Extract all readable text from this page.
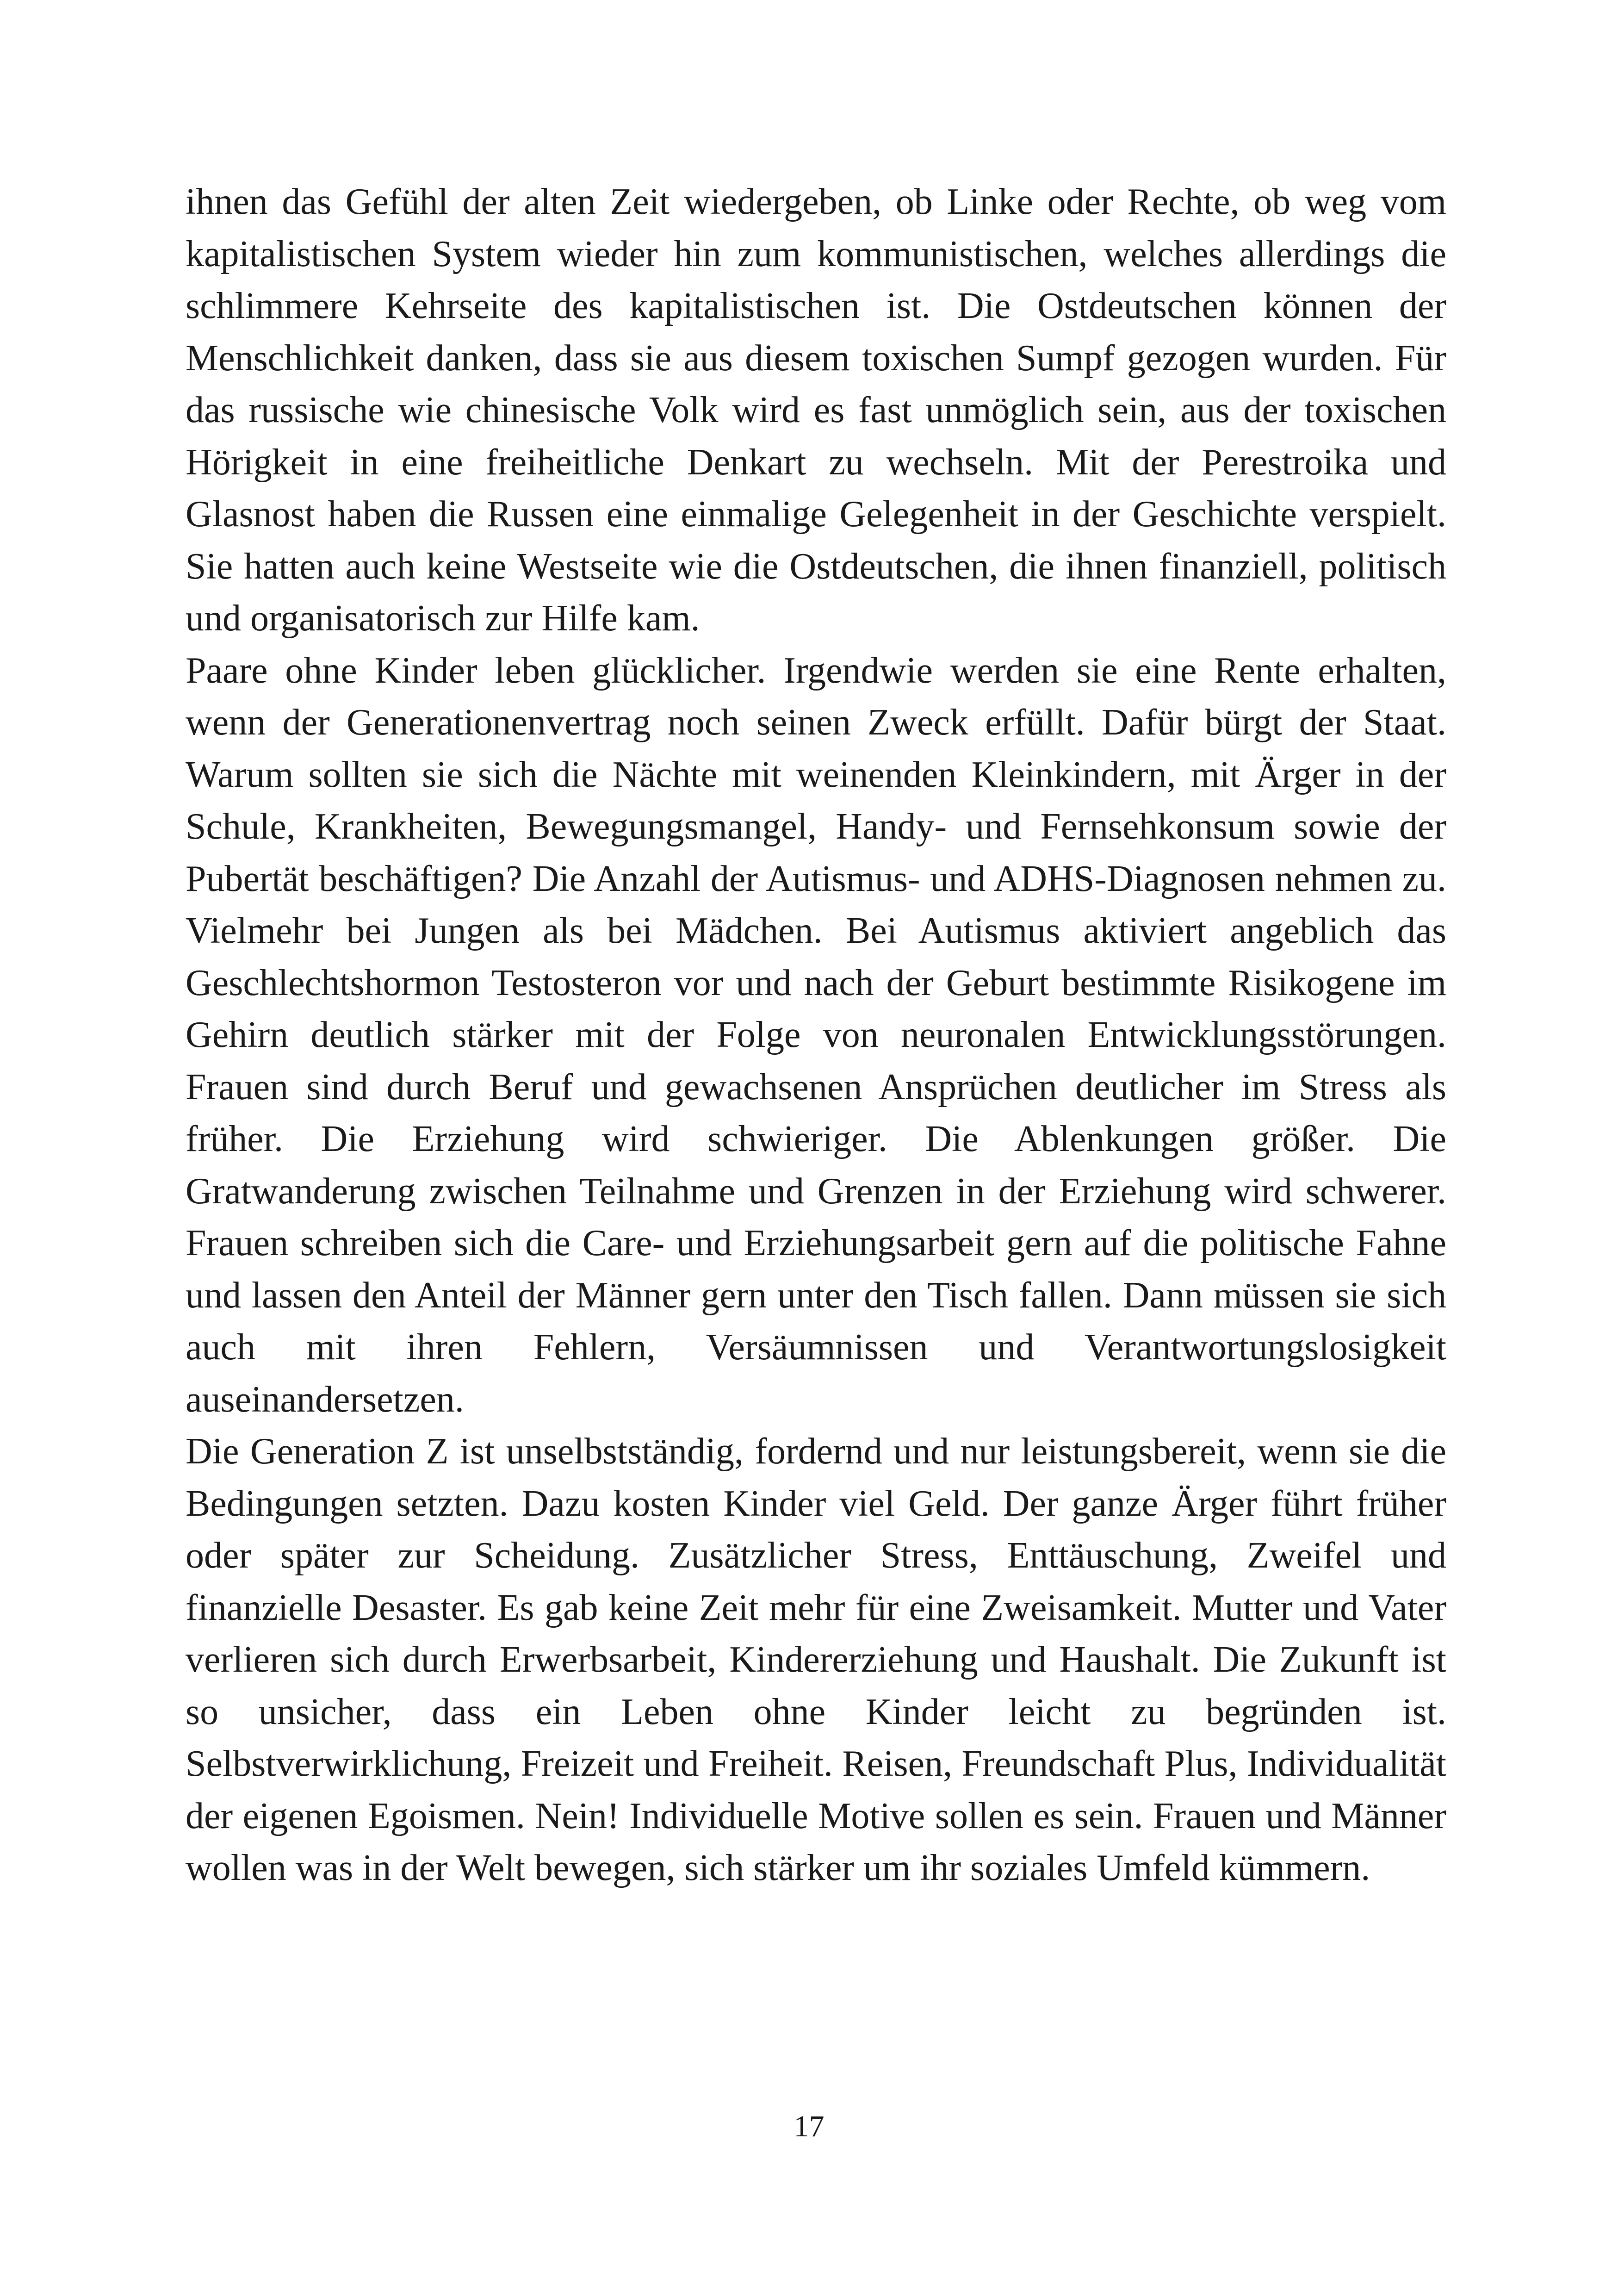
ihnen das Gefühl der alten Zeit wiedergeben, ob Linke oder Rechte, ob weg vom kapitalistischen System wieder hin zum kommunistischen, welches allerdings die schlimmere Kehrseite des kapitalistischen ist. Die Ostdeutschen können der Menschlichkeit danken, dass sie aus diesem toxischen Sumpf gezogen wurden. Für das russische wie chinesische Volk wird es fast unmöglich sein, aus der toxischen Hörigkeit in eine freiheitliche Denkart zu wechseln. Mit der Perestroika und Glasnost haben die Russen eine einmalige Gelegenheit in der Geschichte verspielt. Sie hatten auch keine Westseite wie die Ostdeutschen, die ihnen finanziell, politisch und organisatorisch zur Hilfe kam.

Paare ohne Kinder leben glücklicher. Irgendwie werden sie eine Rente erhalten, wenn der Generationenvertrag noch seinen Zweck erfüllt. Dafür bürgt der Staat. Warum sollten sie sich die Nächte mit weinenden Kleinkindern, mit Ärger in der Schule, Krankheiten, Bewegungsmangel, Handy- und Fernsehkonsum sowie der Pubertät beschäftigen? Die Anzahl der Autismus- und ADHS-Diagnosen nehmen zu. Vielmehr bei Jungen als bei Mädchen. Bei Autismus aktiviert angeblich das Geschlechtshormon Testosteron vor und nach der Geburt bestimmte Risikogene im Gehirn deutlich stärker mit der Folge von neuronalen Entwicklungsstörungen. Frauen sind durch Beruf und gewachsenen Ansprüchen deutlicher im Stress als früher. Die Erziehung wird schwieriger. Die Ablenkungen größer. Die Gratwanderung zwischen Teilnahme und Grenzen in der Erziehung wird schwerer. Frauen schreiben sich die Care- und Erziehungsarbeit gern auf die politische Fahne und lassen den Anteil der Männer gern unter den Tisch fallen. Dann müssen sie sich auch mit ihren Fehlern, Versäumnissen und Verantwortungslosigkeit auseinandersetzen.

Die Generation Z ist unselbstständig, fordernd und nur leistungsbereit, wenn sie die Bedingungen setzten. Dazu kosten Kinder viel Geld. Der ganze Ärger führt früher oder später zur Scheidung. Zusätzlicher Stress, Enttäuschung, Zweifel und finanzielle Desaster. Es gab keine Zeit mehr für eine Zweisamkeit. Mutter und Vater verlieren sich durch Erwerbsarbeit, Kindererziehung und Haushalt. Die Zukunft ist so unsicher, dass ein Leben ohne Kinder leicht zu begründen ist. Selbstverwirklichung, Freizeit und Freiheit. Reisen, Freundschaft Plus, Individualität der eigenen Egoismen. Nein! Individuelle Motive sollen es sein. Frauen und Männer wollen was in der Welt bewegen, sich stärker um ihr soziales Umfeld kümmern.

17
